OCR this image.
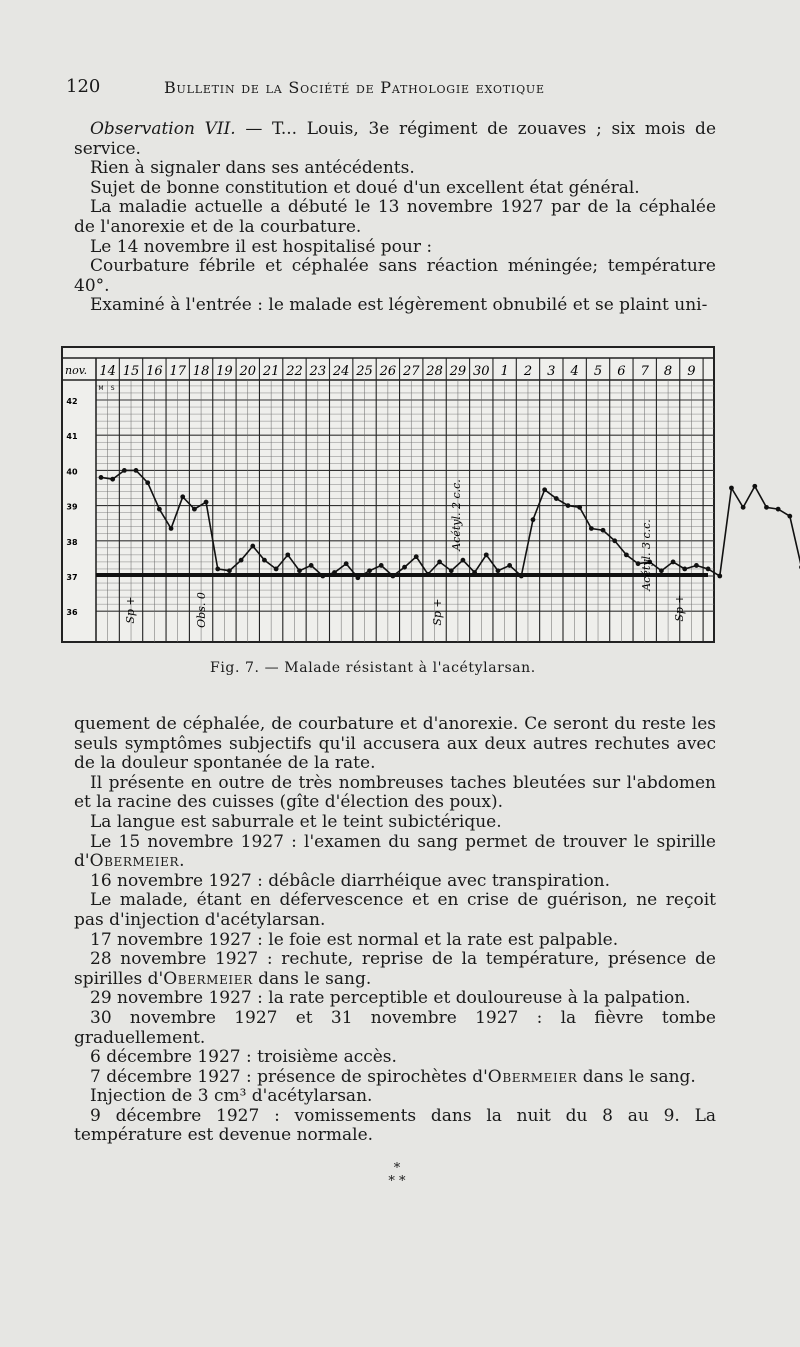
120	Bulletin de la Société de Pathologie exotique

Observation VII. — T... Louis, 3e régiment de zouaves ; six mois de service.

Rien à signaler dans ses antécédents.

Sujet de bonne constitution et doué d'un excellent état général.

La maladie actuelle a débuté le 13 novembre 1927 par de la céphalée de l'anorexie et de la courbature.

Le 14 novembre il est hospitalisé pour :

Courbature fébrile et céphalée sans réaction méningée; température 40°.

Examiné à l'entrée : le malade est légèrement obnubilé et se plaint uni-

nov. 14 15 16 17 18 19 20 21 22 23 24 25 26 27 28 29 30 1 2 3 4 5 6 7 8 9
M S
42
41
40
39
38
37
36	Sp +	Obs. 0	Sp +	Sp +
Acétyl. 2 c.c.
Acétyl. 3 c.c.
Fig. 7. — Malade résistant à l'acétylarsan.

quement de céphalée, de courbature et d'anorexie. Ce seront du reste les seuls symptômes subjectifs qu'il accusera aux deux autres rechutes avec de la douleur spontanée de la rate.

Il présente en outre de très nombreuses taches bleutées sur l'abdomen et la racine des cuisses (gîte d'élection des poux).

La langue est saburrale et le teint subictérique.

Le 15 novembre 1927 : l'examen du sang permet de trouver le spirille d'Obermeier.

16 novembre 1927 : débâcle diarrhéique avec transpiration.

Le malade, étant en défervescence et en crise de guérison, ne reçoit pas d'injection d'acétylarsan.

17 novembre 1927 : le foie est normal et la rate est palpable.

28 novembre 1927 : rechute, reprise de la température, présence de spirilles d'Obermeier dans le sang.

29 novembre 1927 : la rate perceptible et douloureuse à la palpation.

30 novembre 1927 et 31 novembre 1927 : la fièvre tombe graduellement.

6 décembre 1927 : troisième accès.

7 décembre 1927 : présence de spirochètes d'Obermeier dans le sang.

Injection de 3 cm³ d'acétylarsan.

9 décembre 1927 : vomissements dans la nuit du 8 au 9. La température est devenue normale.

*
* *
